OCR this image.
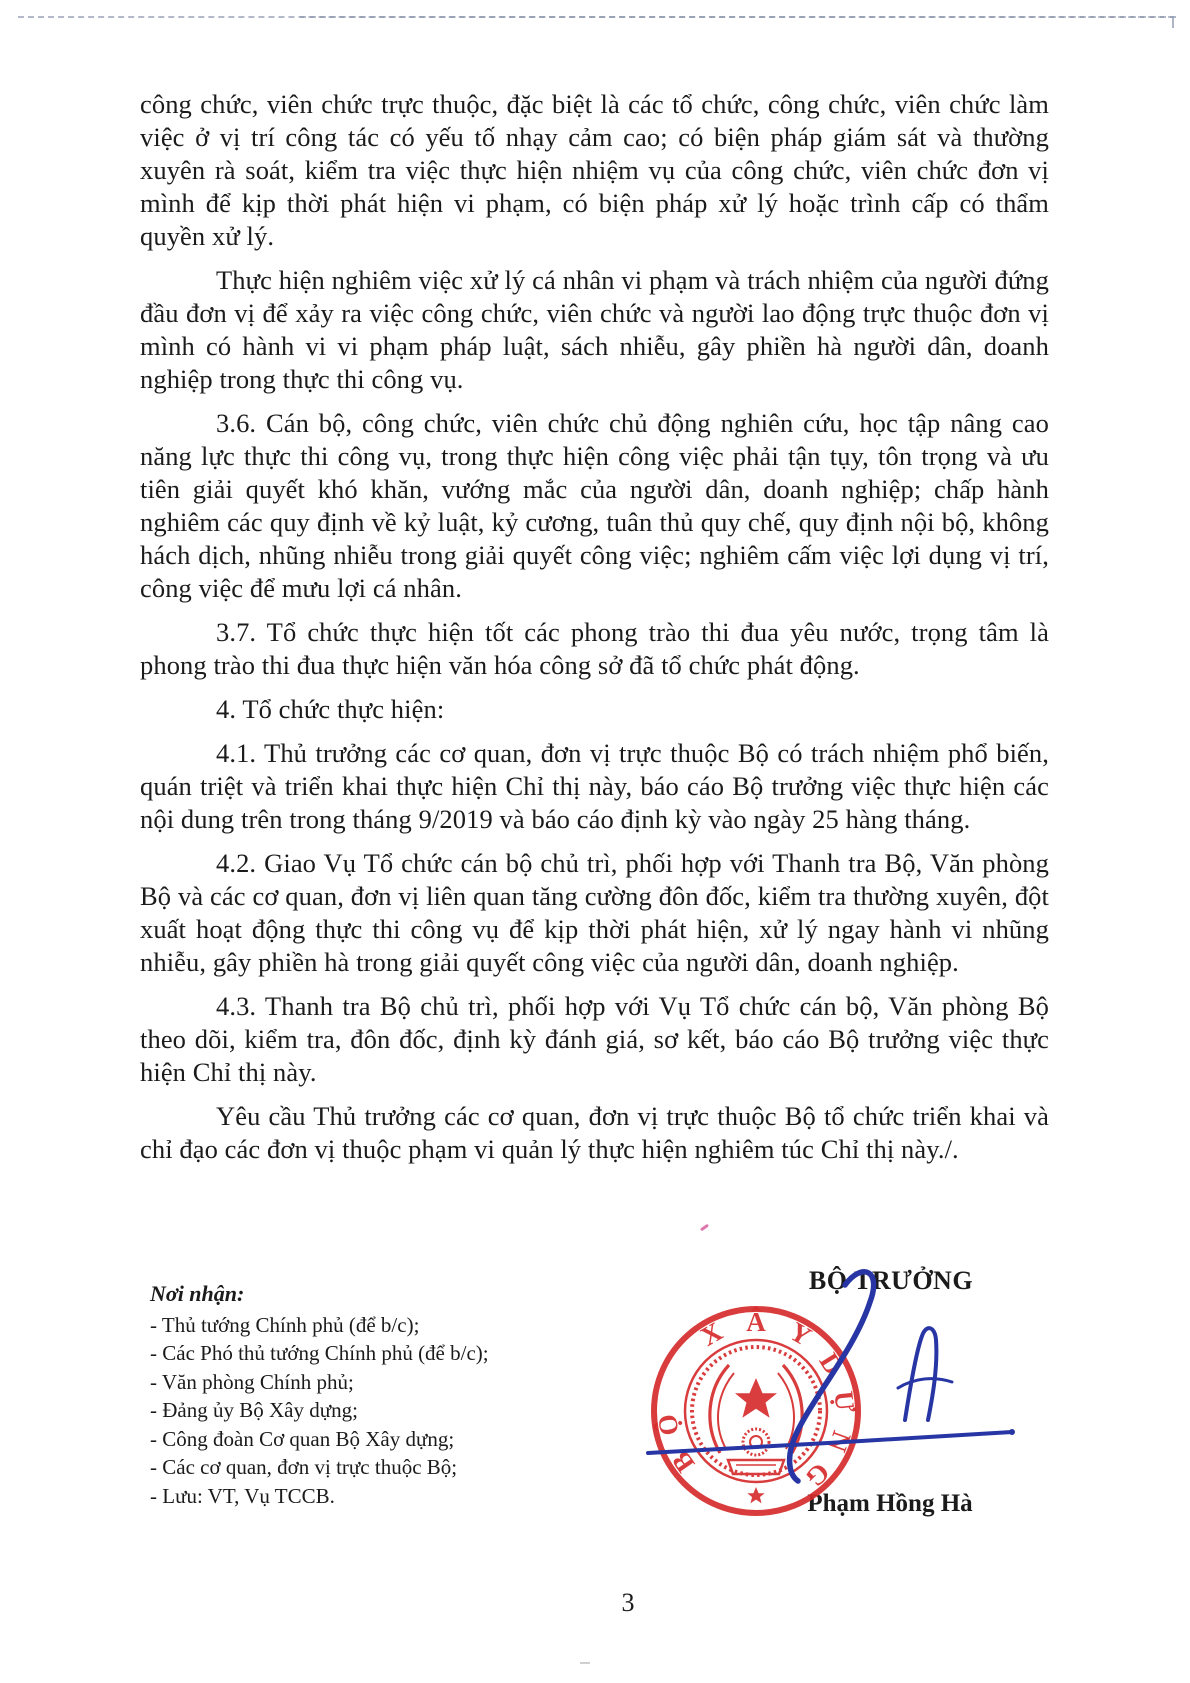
công chức, viên chức trực thuộc, đặc biệt là các tổ chức, công chức, viên chức làm việc ở vị trí công tác có yếu tố nhạy cảm cao; có biện pháp giám sát và thường xuyên rà soát, kiểm tra việc thực hiện nhiệm vụ của công chức, viên chức đơn vị mình để kịp thời phát hiện vi phạm, có biện pháp xử lý hoặc trình cấp có thẩm quyền xử lý.

Thực hiện nghiêm việc xử lý cá nhân vi phạm và trách nhiệm của người đứng đầu đơn vị để xảy ra việc công chức, viên chức và người lao động trực thuộc đơn vị mình có hành vi vi phạm pháp luật, sách nhiễu, gây phiền hà người dân, doanh nghiệp trong thực thi công vụ.

3.6. Cán bộ, công chức, viên chức chủ động nghiên cứu, học tập nâng cao năng lực thực thi công vụ, trong thực hiện công việc phải tận tụy, tôn trọng và ưu tiên giải quyết khó khăn, vướng mắc của người dân, doanh nghiệp; chấp hành nghiêm các quy định về kỷ luật, kỷ cương, tuân thủ quy chế, quy định nội bộ, không hách dịch, nhũng nhiễu trong giải quyết công việc; nghiêm cấm việc lợi dụng vị trí, công việc để mưu lợi cá nhân.

3.7. Tổ chức thực hiện tốt các phong trào thi đua yêu nước, trọng tâm là phong trào thi đua thực hiện văn hóa công sở đã tổ chức phát động.

4. Tổ chức thực hiện:

4.1. Thủ trưởng các cơ quan, đơn vị trực thuộc Bộ có trách nhiệm phổ biến, quán triệt và triển khai thực hiện Chỉ thị này, báo cáo Bộ trưởng việc thực hiện các nội dung trên trong tháng 9/2019 và báo cáo định kỳ vào ngày 25 hàng tháng.

4.2. Giao Vụ Tổ chức cán bộ chủ trì, phối hợp với Thanh tra Bộ, Văn phòng Bộ và các cơ quan, đơn vị liên quan tăng cường đôn đốc, kiểm tra thường xuyên, đột xuất hoạt động thực thi công vụ để kịp thời phát hiện, xử lý ngay hành vi nhũng nhiễu, gây phiền hà trong giải quyết công việc của người dân, doanh nghiệp.

4.3. Thanh tra Bộ chủ trì, phối hợp với Vụ Tổ chức cán bộ, Văn phòng Bộ theo dõi, kiểm tra, đôn đốc, định kỳ đánh giá, sơ kết, báo cáo Bộ trưởng việc thực hiện Chỉ thị này.

Yêu cầu Thủ trưởng các cơ quan, đơn vị trực thuộc Bộ tổ chức triển khai và chỉ đạo các đơn vị thuộc phạm vi quản lý thực hiện nghiêm túc Chỉ thị này./.

Nơi nhận:
- Thủ tướng Chính phủ (để b/c);
- Các Phó thủ tướng Chính phủ (để b/c);
- Văn phòng Chính phủ;
- Đảng ủy Bộ Xây dựng;
- Công đoàn Cơ quan Bộ Xây dựng;
- Các cơ quan, đơn vị trực thuộc Bộ;
- Lưu: VT, Vụ TCCB.
BỘ TRƯỞNG
Phạm Hồng Hà
B
Ộ
X Â Y
D
Ự
N
G
3
